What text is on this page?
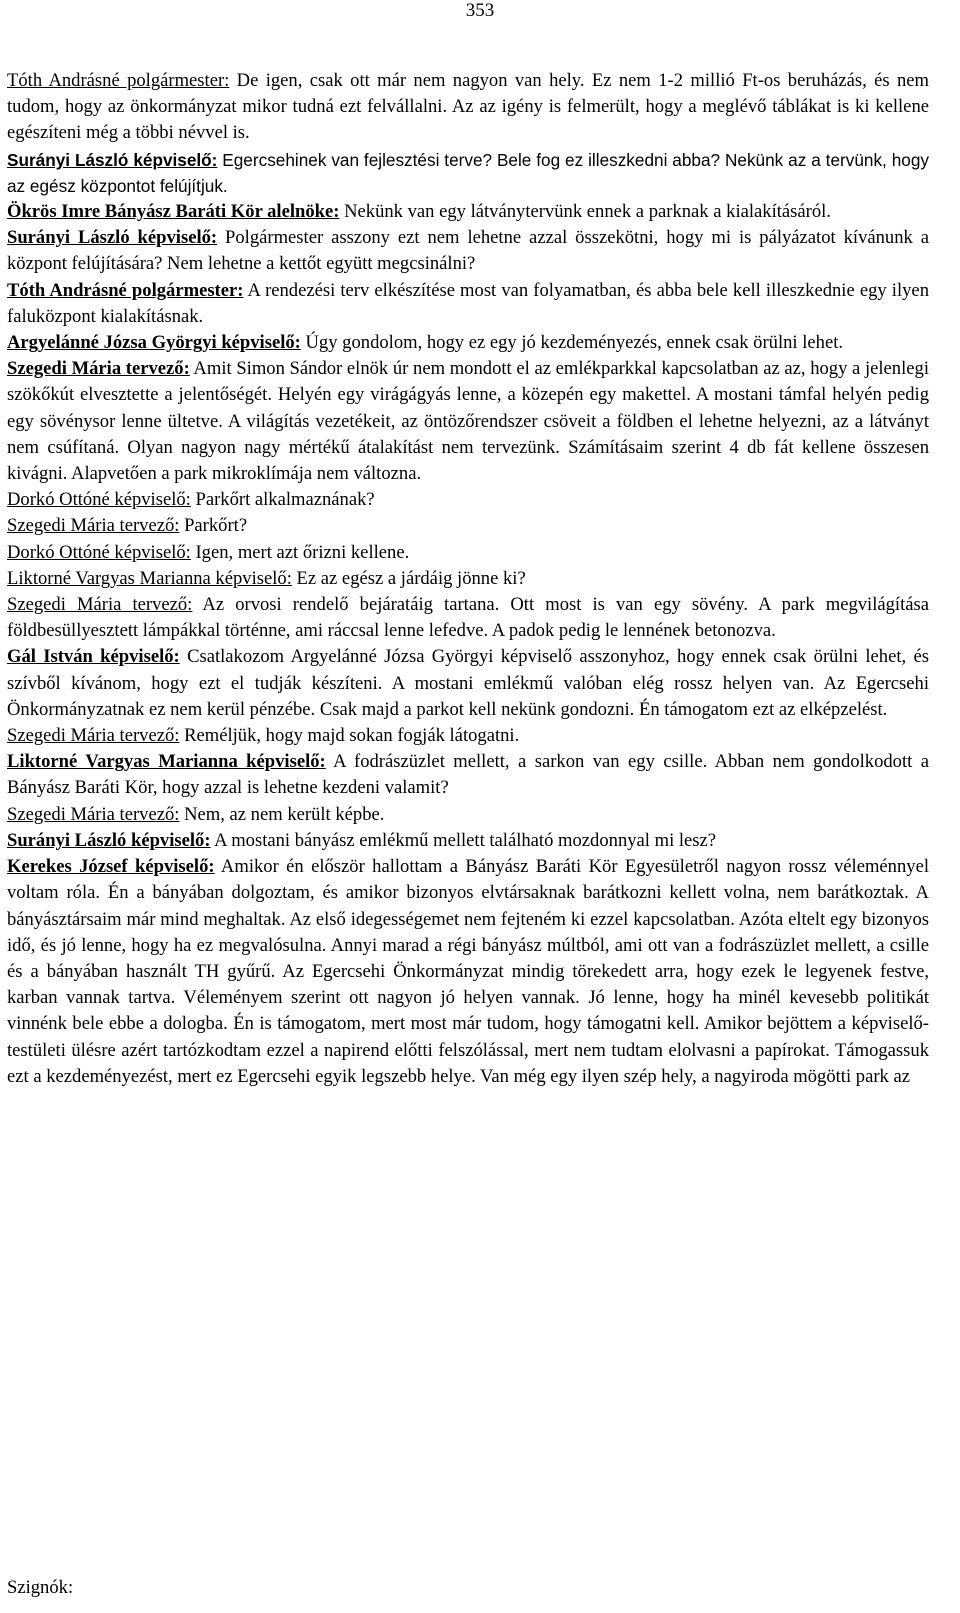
353

Tóth Andrásné polgármester: De igen, csak ott már nem nagyon van hely. Ez nem 1-2 millió Ft-os beruházás, és nem tudom, hogy az önkormányzat mikor tudná ezt felvállalni. Az az igény is felmerült, hogy a meglévő táblákat is ki kellene egészíteni még a többi névvel is.

Surányi László képviselő: Egercsehinek van fejlesztési terve? Bele fog ez illeszkedni abba? Nekünk az a tervünk, hogy az egész központot felújítjuk.

Ökrös Imre Bányász Baráti Kör alelnöke: Nekünk van egy látványtervünk ennek a parknak a kialakításáról.

Surányi László képviselő: Polgármester asszony ezt nem lehetne azzal összekötni, hogy mi is pályázatot kívánunk a központ felújítására? Nem lehetne a kettőt együtt megcsinálni?

Tóth Andrásné polgármester: A rendezési terv elkészítése most van folyamatban, és abba bele kell illeszkednie egy ilyen faluközpont kialakításnak.

Argyelánné Józsa Györgyi képviselő: Úgy gondolom, hogy ez egy jó kezdeményezés, ennek csak örülni lehet.

Szegedi Mária tervező: Amit Simon Sándor elnök úr nem mondott el az emlékparkkal kapcsolatban az az, hogy a jelenlegi szökőkút elvesztette a jelentőségét. Helyén egy virágágyás lenne, a közepén egy makettel. A mostani támfal helyén pedig egy sövénysor lenne ültetve. A világítás vezetékeit, az öntözőrendszer csöveit a földben el lehetne helyezni, az a látványt nem csúfítaná. Olyan nagyon nagy mértékű átalakítást nem tervezünk. Számításaim szerint 4 db fát kellene összesen kivágni. Alapvetően a park mikroklímája nem változna.

Dorkó Ottóné képviselő: Parkőrt alkalmaznának?

Szegedi Mária tervező: Parkőrt?

Dorkó Ottóné képviselő: Igen, mert azt őrizni kellene.

Liktorné Vargyas Marianna képviselő: Ez az egész a járdáig jönne ki?

Szegedi Mária tervező: Az orvosi rendelő bejáratáig tartana. Ott most is van egy sövény. A park megvilágítása földbesüllyesztett lámpákkal történne, ami ráccsal lenne lefedve. A padok pedig le lennének betonozva.

Gál István képviselő: Csatlakozom Argyelánné Józsa Györgyi képviselő asszonyhoz, hogy ennek csak örülni lehet, és szívből kívánom, hogy ezt el tudják készíteni. A mostani emlékmű valóban elég rossz helyen van. Az Egercsehi Önkormányzatnak ez nem kerül pénzébe. Csak majd a parkot kell nekünk gondozni. Én támogatom ezt az elképzelést.

Szegedi Mária tervező: Reméljük, hogy majd sokan fogják látogatni.

Liktorné Vargyas Marianna képviselő: A fodrászüzlet mellett, a sarkon van egy csille. Abban nem gondolkodott a Bányász Baráti Kör, hogy azzal is lehetne kezdeni valamit?

Szegedi Mária tervező: Nem, az nem került képbe.

Surányi László képviselő: A mostani bányász emlékmű mellett található mozdonnyal mi lesz?

Kerekes József képviselő: Amikor én először hallottam a Bányász Baráti Kör Egyesületről nagyon rossz véleménnyel voltam róla. Én a bányában dolgoztam, és amikor bizonyos elvtársaknak barátkozni kellett volna, nem barátkoztak. A bányásztársaim már mind meghaltak. Az első idegességemet nem fejteném ki ezzel kapcsolatban. Azóta eltelt egy bizonyos idő, és jó lenne, hogy ha ez megvalósulna. Annyi marad a régi bányász múltból, ami ott van a fodrászüzlet mellett, a csille és a bányában használt TH gyűrű. Az Egercsehi Önkormányzat mindig törekedett arra, hogy ezek le legyenek festve, karban vannak tartva. Véleményem szerint ott nagyon jó helyen vannak. Jó lenne, hogy ha minél kevesebb politikát vinnénk bele ebbe a dologba. Én is támogatom, mert most már tudom, hogy támogatni kell. Amikor bejöttem a képviselő-testületi ülésre azért tartózkodtam ezzel a napirend előtti felszólással, mert nem tudtam elolvasni a papírokat. Támogassuk ezt a kezdeményezést, mert ez Egercsehi egyik legszebb helye. Van még egy ilyen szép hely, a nagyiroda mögötti park az

Szignók:
